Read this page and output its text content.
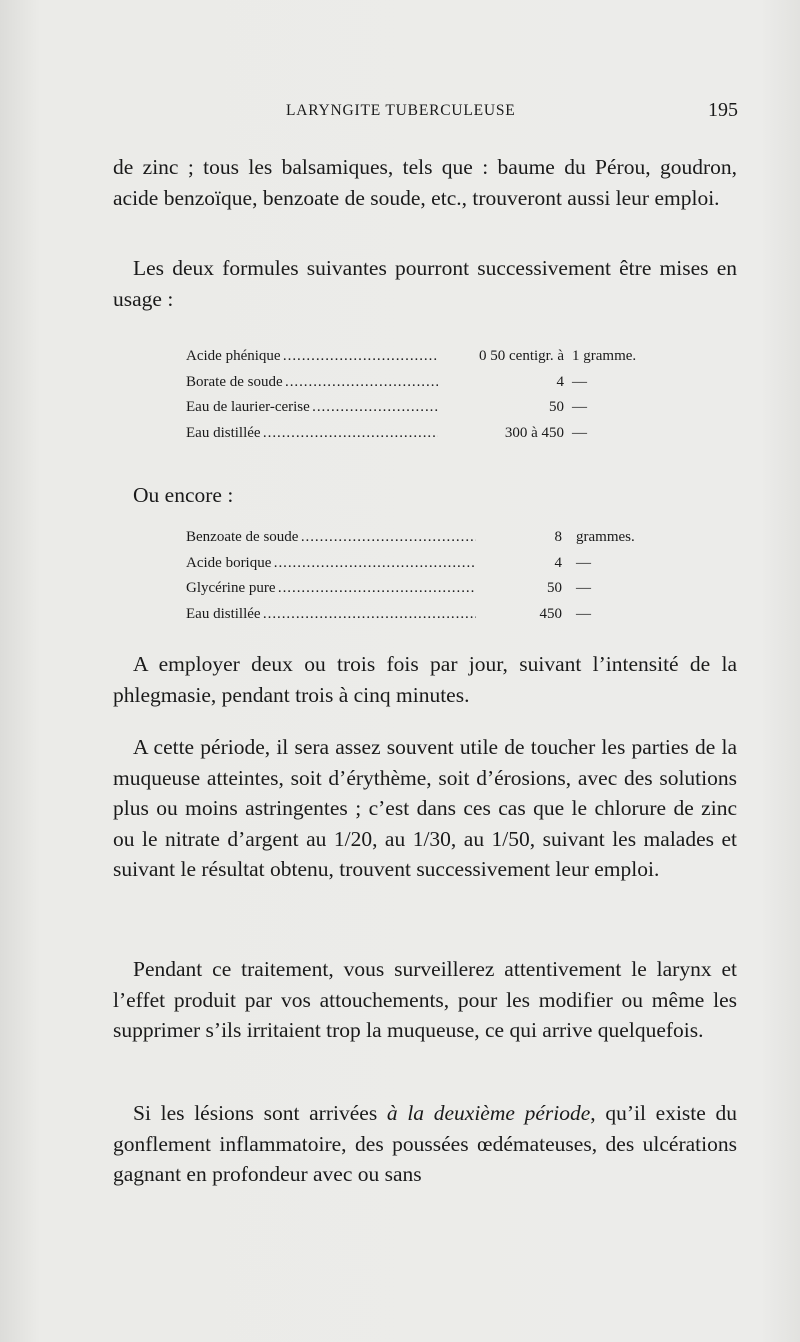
LARYNGITE TUBERCULEUSE	195

de zinc ; tous les balsamiques, tels que : baume du Pérou, goudron, acide benzoïque, benzoate de soude, etc., trouveront aussi leur emploi.

Les deux formules suivantes pourront successivement être mises en usage :

Acide phénique . . .	0 50 centigr. à 1 gramme.
Borate de soude . . .	4 —
Eau de laurier-cerise . . .	50 —
Eau distillée . . .	300 à 450 —
Ou encore :
Benzoate de soude . . .	8 grammes.
Acide borique . . .	4 —
Glycérine pure . . .	50 —
Eau distillée . . .	450 —

A employer deux ou trois fois par jour, suivant l’intensité de la phlegmasie, pendant trois à cinq minutes.

A cette période, il sera assez souvent utile de toucher les parties de la muqueuse atteintes, soit d’érythème, soit d’érosions, avec des solutions plus ou moins astringentes ; c’est dans ces cas que le chlorure de zinc ou le nitrate d’argent au 1/20, au 1/30, au 1/50, suivant les malades et suivant le résultat obtenu, trouvent successivement leur emploi.

Pendant ce traitement, vous surveillerez attentivement le larynx et l’effet produit par vos attouchements, pour les modifier ou même les supprimer s’ils irritaient trop la muqueuse, ce qui arrive quelquefois.

Si les lésions sont arrivées à la deuxième période, qu’il existe du gonflement inflammatoire, des poussées œdémateuses, des ulcérations gagnant en profondeur avec ou sans
